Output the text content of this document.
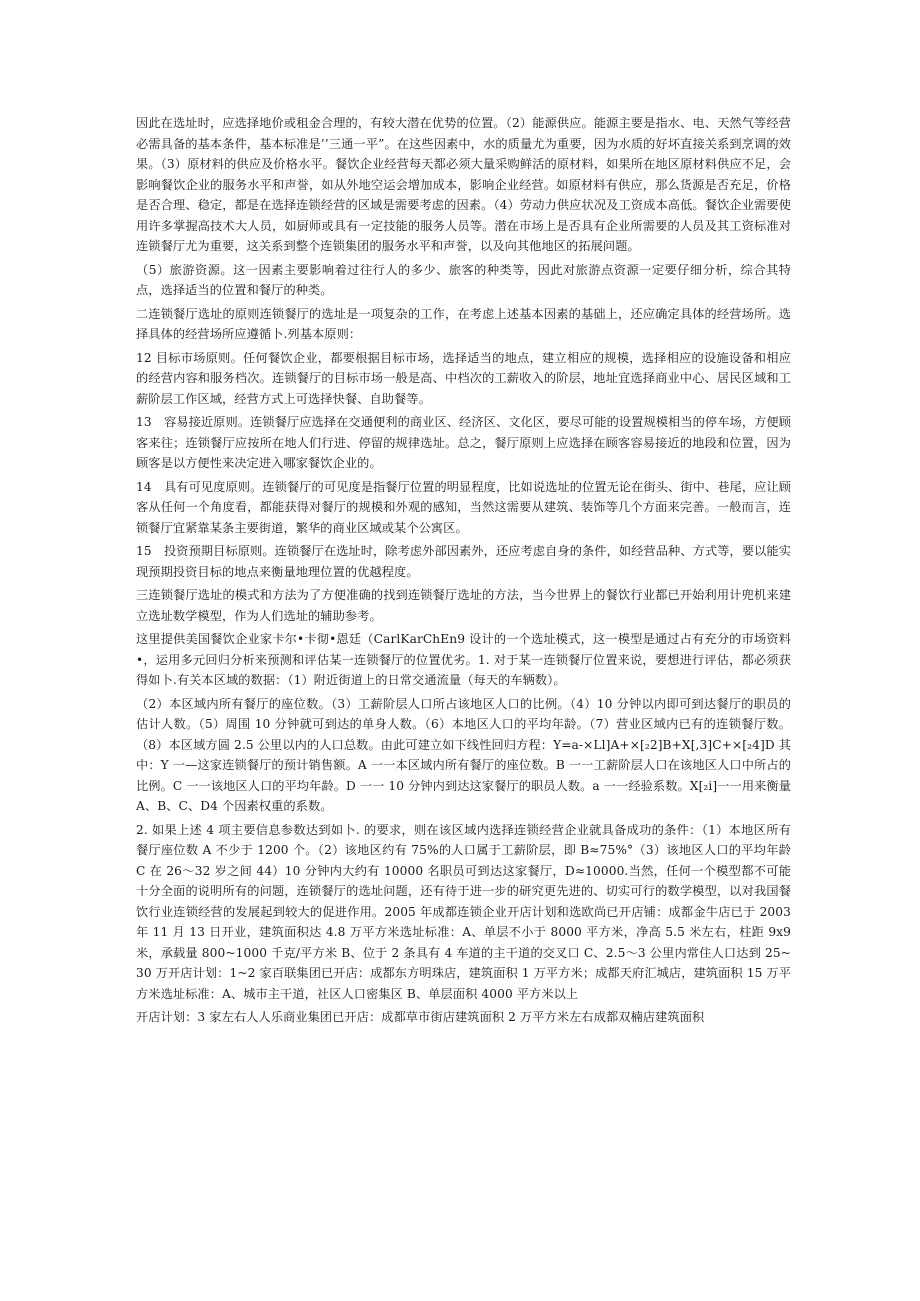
因此在选址时，应选择地价或租金合理的，有较大潜在优势的位置。（2）能源供应。能源主要是指水、电、天然气等经营必需具备的基本条件，基本标准是’’三通一平”。在这些因素中，水的质量尤为重要，因为水质的好坏直接关系到烹调的效果。（3）原材料的供应及价格水平。餐饮企业经营每天都必须大量采购鲜活的原材料，如果所在地区原材料供应不足，会影响餐饮企业的服务水平和声誉，如从外地空运会增加成本，影响企业经营。如原材料有供应，那么货源是否充足，价格是否合理、稳定，都是在选择连锁经营的区域是需要考虑的因素。（4）劳动力供应状况及工资成本高低。餐饮企业需要使用许多掌握高技术大人员，如厨师或具有一定技能的服务人员等。潜在市场上是否具有企业所需要的人员及其工资标准对连锁餐厅尤为重要，这关系到整个连锁集团的服务水平和声誉，以及向其他地区的拓展问题。

（5）旅游资源。这一因素主要影响着过往行人的多少、旅客的种类等，因此对旅游点资源一定要仔细分析，综合其特点，选择适当的位置和餐厅的种类。

二连锁餐厅选址的原则连锁餐厅的选址是一项复杂的工作，在考虑上述基本因素的基础上，还应确定具体的经营场所。选择具体的经营场所应遵循卜.列基本原则：

12 目标市场原则。任何餐饮企业，都要根据目标市场，选择适当的地点，建立相应的规模，选择相应的设施设备和相应的经营内容和服务档次。连锁餐厅的目标市场一般是高、中档次的工薪收入的阶层，地址宜选择商业中心、居民区域和工薪阶层工作区域，经营方式上可选择快餐、自助餐等。

13　容易接近原则。连锁餐厅应选择在交通便利的商业区、经济区、文化区，要尽可能的设置规模相当的停车场，方便顾客来往；连锁餐厅应按所在地人们行进、停留的规律选址。总之，餐厅原则上应选择在顾客容易接近的地段和位置，因为顾客是以方便性来决定进入哪家餐饮企业的。

14　具有可见度原则。连锁餐厅的可见度是指餐厅位置的明显程度，比如说选址的位置无论在街头、街中、巷尾，应让顾客从任何一个角度看，都能获得对餐厅的规模和外观的感知，当然这需要从建筑、装饰等几个方面来完善。一般而言，连锁餐厅宜紧靠某条主要街道，繁华的商业区域或某个公寓区。

15　投资预期目标原则。连锁餐厅在选址时，除考虑外部因素外，还应考虑自身的条件，如经营品种、方式等，要以能实现预期投资目标的地点来衡量地理位置的优越程度。

三连锁餐厅选址的模式和方法为了方便准确的找到连锁餐厅选址的方法，当今世界上的餐饮行业都已开始利用计兜机来建立选址数学模型，作为人们选址的辅助参考。

这里提供美国餐饮企业家卡尔•卡彻•恩廷（CarlKarChEn9 设计的一个选址模式，这一模型是通过占有充分的市场资料•，运用多元回归分析来预测和评估某一连锁餐厅的位置优劣。1. 对于某一连锁餐厅位置来说，要想进行评估，都必须获得如卜.有关本区域的数据：（1）附近街道上的日常交通流量（每天的车辆数）。

（2）本区域内所有餐厅的座位数。（3）工薪阶层人口所占该地区人口的比例。（4）10 分钟以内即可到达餐厅的职员的估计人数。（5）周围 10 分钟就可到达的单身人数。（6）本地区人口的平均年龄。（7）营业区域内已有的连锁餐厅数。（8）本区域方圆 2.5 公里以内的人口总数。由此可建立如下线性回归方程：Y=a-×Ll]A+×[₂2]B+X[,3]C+×[₂4]D 其中：Y 一—这家连锁餐厅的预计销售额。A 一一本区域内所有餐厅的座位数。B 一一工薪阶层人口在该地区人口中所占的比例。C 一一该地区人口的平均年龄。D 一一 10 分钟内到达这家餐厅的职员人数。a 一一经验系数。X[₂i]一一用来衡量 A、B、C、D4 个因素权重的系数。

2. 如果上述 4 项主要信息参数达到如卜. 的要求，则在该区域内选择连锁经营企业就具备成功的条件：（1）本地区所有餐厅座位数 A 不少于 1200 个。（2）该地区约有 75%的人口属于工薪阶层，即 B≈75%°（3）该地区人口的平均年龄 C 在 26～32 岁之间 44）10 分钟内大约有 10000 名职员可到达这家餐厅，D≈10000.当然，任何一个模型都不可能十分全面的说明所有的问题，连锁餐厅的选址问题，还有待于进一步的研究更先进的、切实可行的数学模型，以对我国餐饮行业连锁经营的发展起到较大的促进作用。2005 年成都连锁企业开店计划和选欧尚已开店铺：成都金牛店已于 2003 年 11 月 13 日开业，建筑面积达 4.8 万平方米选址标准：A、单层不小于 8000 平方米，净高 5.5 米左右，柱距 9x9 米，承载量 800~1000 千克/平方米 B、位于 2 条具有 4 车道的主干道的交叉口 C、2.5～3 公里内常住人口达到 25~30 万开店计划：1~2 家百联集团已开店：成都东方明珠店，建筑面积 1 万平方米；成都天府汇城店，建筑面积 15 万平方米选址标准：A、城市主干道，社区人口密集区 B、单层面积 4000 平方米以上

开店计划：3 家左右人人乐商业集团已开店：成都草市街店建筑面积 2 万平方米左右成都双楠店建筑面积
